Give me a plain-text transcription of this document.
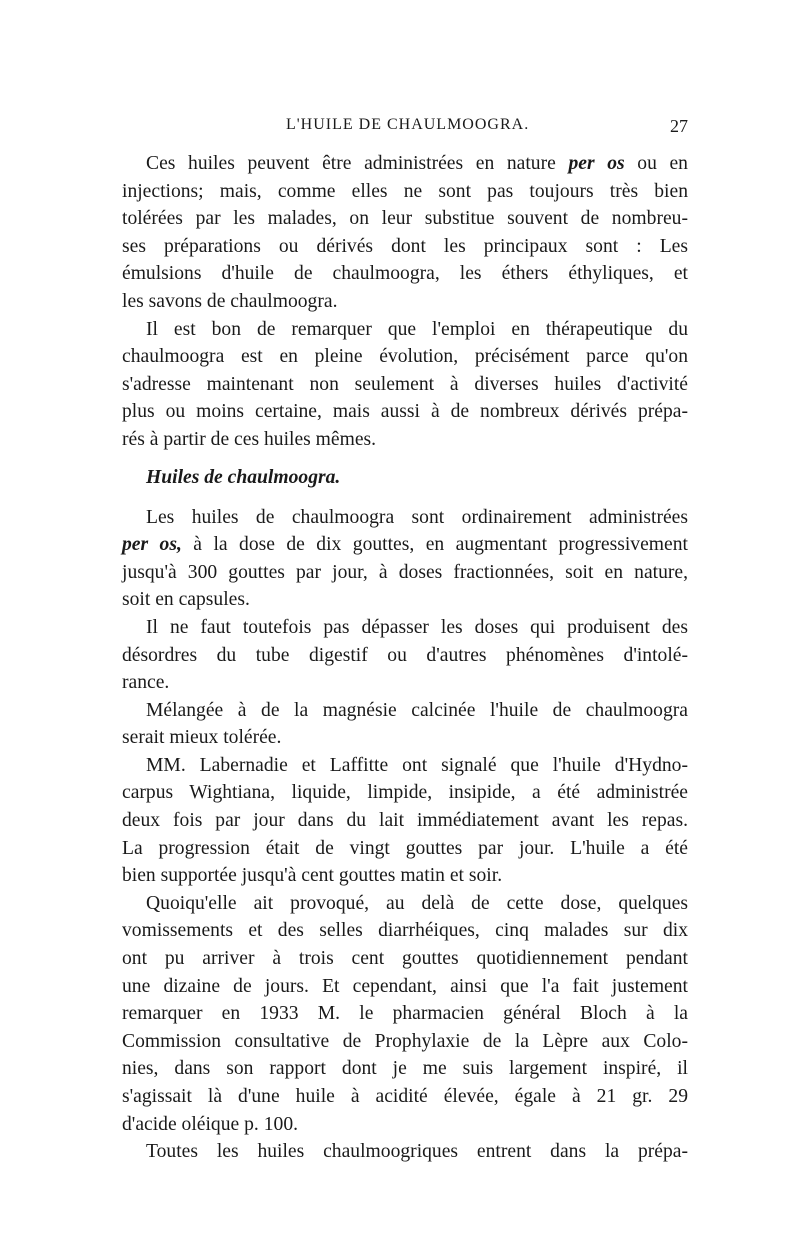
L'HUILE DE CHAULMOOGRA.	27
Ces huiles peuvent être administrées en nature per os ou en
injections; mais, comme elles ne sont pas toujours très bien
tolérées par les malades, on leur substitue souvent de nombreu-
ses préparations ou dérivés dont les principaux sont : Les
émulsions d'huile de chaulmoogra, les éthers éthyliques, et
les savons de chaulmoogra.
Il est bon de remarquer que l'emploi en thérapeutique du
chaulmoogra est en pleine évolution, précisément parce qu'on
s'adresse maintenant non seulement à diverses huiles d'activité
plus ou moins certaine, mais aussi à de nombreux dérivés prépa-
rés à partir de ces huiles mêmes.
Huiles de chaulmoogra.
Les huiles de chaulmoogra sont ordinairement administrées
per os, à la dose de dix gouttes, en augmentant progressivement
jusqu'à 300 gouttes par jour, à doses fractionnées, soit en nature,
soit en capsules.
Il ne faut toutefois pas dépasser les doses qui produisent des
désordres du tube digestif ou d'autres phénomènes d'intolé-
rance.
Mélangée à de la magnésie calcinée l'huile de chaulmoogra
serait mieux tolérée.
MM. Labernadie et Laffitte ont signalé que l'huile d'Hydno-
carpus Wightiana, liquide, limpide, insipide, a été administrée
deux fois par jour dans du lait immédiatement avant les repas.
La progression était de vingt gouttes par jour. L'huile a été
bien supportée jusqu'à cent gouttes matin et soir.
Quoiqu'elle ait provoqué, au delà de cette dose, quelques
vomissements et des selles diarrhéiques, cinq malades sur dix
ont pu arriver à trois cent gouttes quotidiennement pendant
une dizaine de jours. Et cependant, ainsi que l'a fait justement
remarquer en 1933 M. le pharmacien général Bloch à la
Commission consultative de Prophylaxie de la Lèpre aux Colo-
nies, dans son rapport dont je me suis largement inspiré, il
s'agissait là d'une huile à acidité élevée, égale à 21 gr. 29
d'acide oléique p. 100.
Toutes les huiles chaulmoogriques entrent dans la prépa-
